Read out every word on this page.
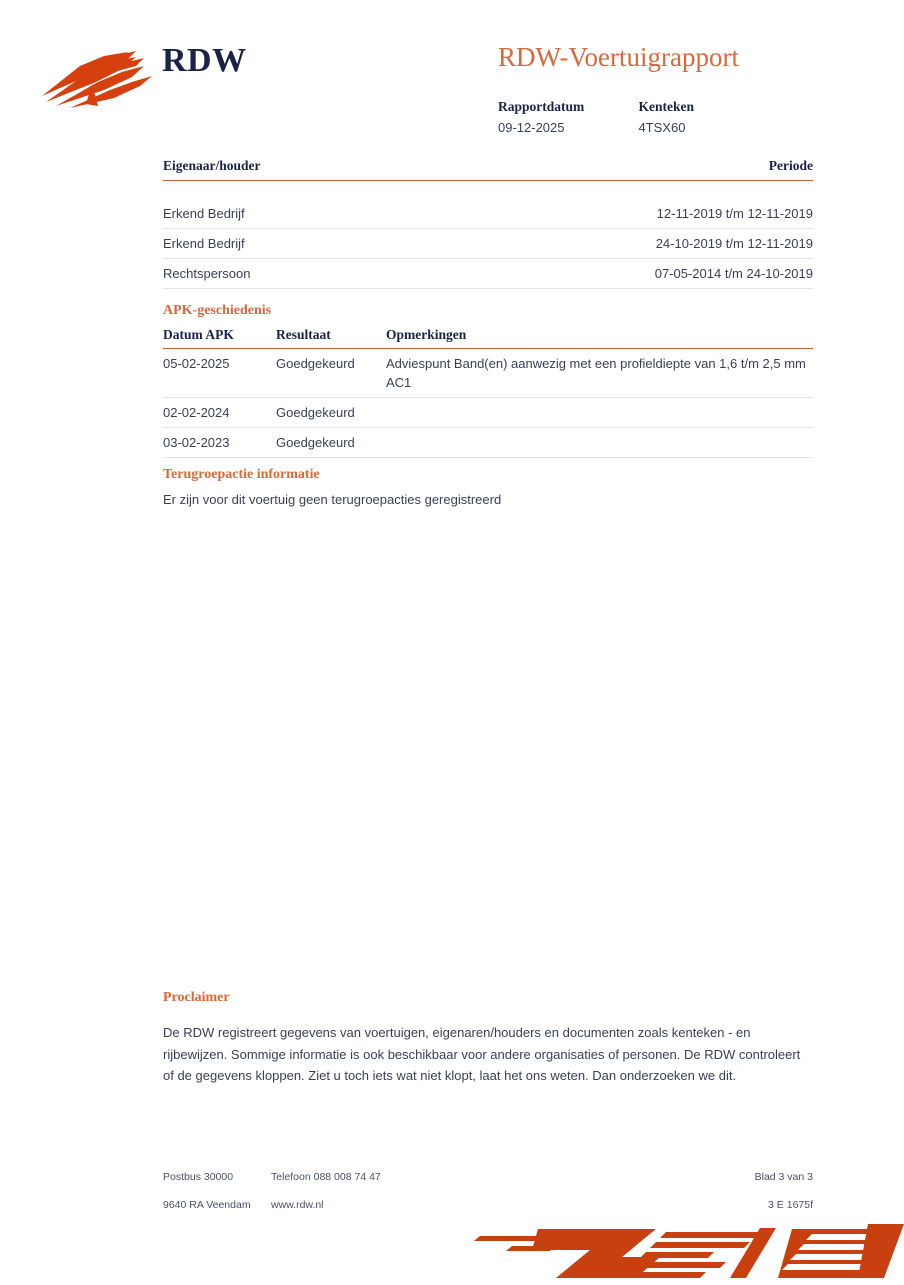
RDW	RDW-Voertuigrapport
Rapportdatum
09-12-2025

Kenteken
4TSX60
Eigenaar/houder	Periode
Erkend Bedrijf	12-11-2019 t/m 12-11-2019
Erkend Bedrijf	24-10-2019 t/m 12-11-2019
Rechtspersoon	07-05-2014 t/m 24-10-2019
APK-geschiedenis
Datum APK	Resultaat	Opmerkingen
05-02-2025	Goedgekeurd	Adviespunt Band(en) aanwezig met een profieldiepte van 1,6 t/m 2,5 mm AC1
02-02-2024	Goedgekeurd	
03-02-2023	Goedgekeurd	
Terugroepactie informatie

Er zijn voor dit voertuig geen terugroepacties geregistreerd

Proclaimer

De RDW registreert gegevens van voertuigen, eigenaren/houders en documenten zoals kenteken - en rijbewijzen. Sommige informatie is ook beschikbaar voor andere organisaties of personen. De RDW controleert of de gegevens kloppen. Ziet u toch iets wat niet klopt, laat het ons weten. Dan onderzoeken we dit.

Postbus 30000	Telefoon 088 008 74 47	Blad 3 van 3
9640 RA Veendam	www.rdw.nl	3 E 1675f
